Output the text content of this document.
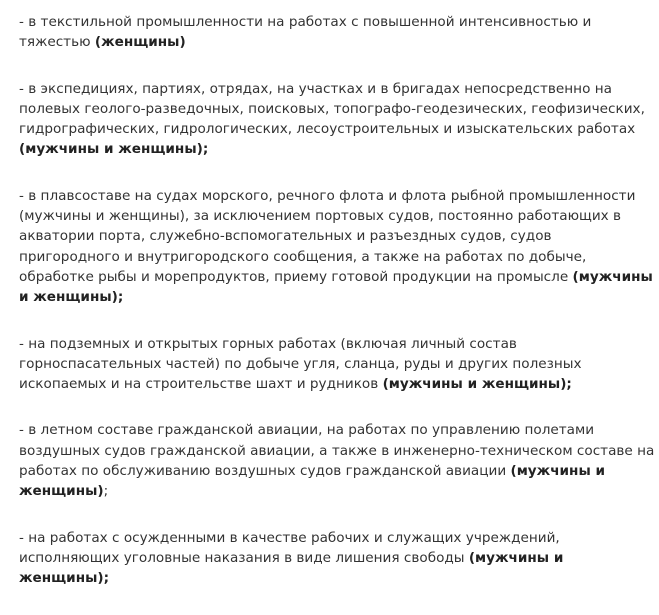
- в текстильной промышленности на работах с повышенной интенсивностью и тяжестью (женщины)

- в экспедициях, партиях, отрядах, на участках и в бригадах непосредственно на полевых геолого-разведочных, поисковых, топографо-геодезических, геофизических, гидрографических, гидрологических, лесоустроительных и изыскательских работах (мужчины и женщины);

- в плавсоставе на судах морского, речного флота и флота рыбной промышленности (мужчины и женщины), за исключением портовых судов, постоянно работающих в акватории порта, служебно-вспомогательных и разъездных судов, судов пригородного и внутригородского сообщения, а также на работах по добыче, обработке рыбы и морепродуктов, приему готовой продукции на промысле (мужчины и женщины);

- на подземных и открытых горных работах (включая личный состав горноспасательных частей) по добыче угля, сланца, руды и других полезных ископаемых и на строительстве шахт и рудников (мужчины и женщины);

- в летном составе гражданской авиации, на работах по управлению полетами воздушных судов гражданской авиации, а также в инженерно-техническом составе на работах по обслуживанию воздушных судов гражданской авиации (мужчины и женщины);

- на работах с осужденными в качестве рабочих и служащих учреждений, исполняющих уголовные наказания в виде лишения свободы (мужчины и женщины);
